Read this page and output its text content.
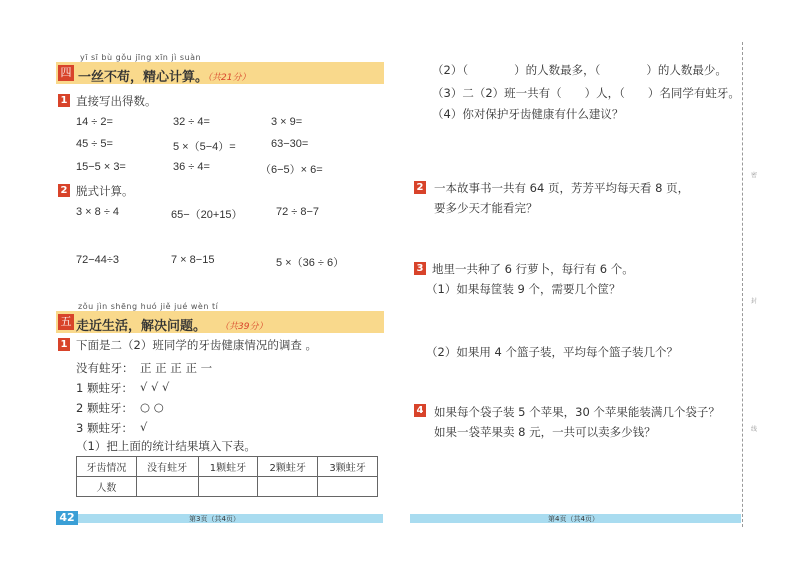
四
yī sī bù gǒu jīng xīn jì suàn
一丝不苟，精心计算。
（共21分）
1 直接写出得数。
14 ÷ 2=	32 ÷ 4=	3 × 9=
45 ÷ 5=	5 ×（5−4）=	63−30=
15−5 × 3=	36 ÷ 4=	（6−5）× 6=
2 脱式计算。
3 × 8 ÷ 4	65−（20+15）	72 ÷ 8−7
72−44÷3	7 × 8−15	5 ×（36 ÷ 6）
五
zǒu jìn shēng huó jiě jué wèn tí
走近生活，解决问题。 （共39分）
1 下面是二（2）班同学的牙齿健康情况的调查 。
没有蛀牙： 正 正 正 正 一
1 颗蛀牙： √ √ √
2 颗蛀牙： ○ ○
3 颗蛀牙： √
（1）把上面的统计结果填入下表。
牙齿情况	没有蛀牙	1颗蛀牙	2颗蛀牙	3颗蛀牙
人数				
第3页（共4页）
42
（2）（　　　　）的人数最多，（　　　　）的人数最少。
（3）二（2）班一共有（　　）人，（　　）名同学有蛀牙。
（4）你对保护牙齿健康有什么建议？
2 一本故事书一共有 64 页，芳芳平均每天看 8 页，
要多少天才能看完？
3 地里一共种了 6 行萝卜，每行有 6 个。
（1）如果每筐装 9 个，需要几个筐？
（2）如果用 4 个篮子装，平均每个篮子装几个？
4 如果每个袋子装 5 个苹果，30 个苹果能装满几个袋子？
如果一袋苹果卖 8 元，一共可以卖多少钱？
第4页（共4页）
密
封
线
